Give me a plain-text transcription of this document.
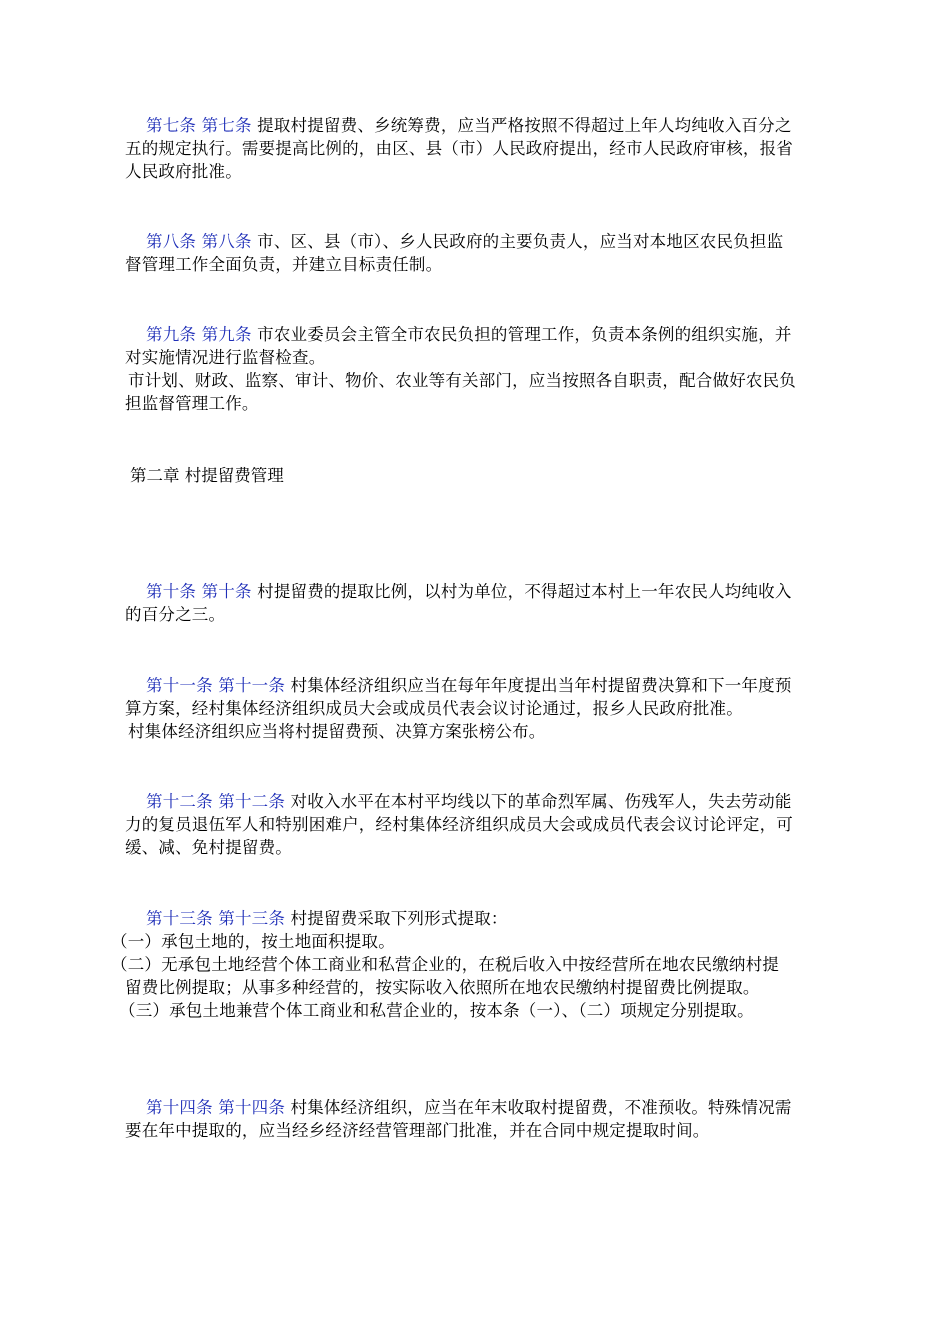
第七条 第七条 提取村提留费、乡统筹费，应当严格按照不得超过上年人均纯收入百分之
五的规定执行。需要提高比例的，由区、县（市）人民政府提出，经市人民政府审核，报省
人民政府批准。
第八条 第八条 市、区、县（市）、乡人民政府的主要负责人，应当对本地区农民负担监
督管理工作全面负责，并建立目标责任制。
第九条 第九条 市农业委员会主管全市农民负担的管理工作，负责本条例的组织实施，并
对实施情况进行监督检查。
市计划、财政、监察、审计、物价、农业等有关部门，应当按照各自职责，配合做好农民负
担监督管理工作。
第二章 村提留费管理
第十条 第十条 村提留费的提取比例，以村为单位，不得超过本村上一年农民人均纯收入
的百分之三。
第十一条 第十一条 村集体经济组织应当在每年年度提出当年村提留费决算和下一年度预
算方案，经村集体经济组织成员大会或成员代表会议讨论通过，报乡人民政府批准。
村集体经济组织应当将村提留费预、决算方案张榜公布。
第十二条 第十二条 对收入水平在本村平均线以下的革命烈军属、伤残军人，失去劳动能
力的复员退伍军人和特别困难户，经村集体经济组织成员大会或成员代表会议讨论评定，可
缓、减、免村提留费。
第十三条 第十三条 村提留费采取下列形式提取：
（一）承包土地的，按土地面积提取。
（二）无承包土地经营个体工商业和私营企业的，在税后收入中按经营所在地农民缴纳村提
留费比例提取；从事多种经营的，按实际收入依照所在地农民缴纳村提留费比例提取。
（三）承包土地兼营个体工商业和私营企业的，按本条（一）、（二）项规定分别提取。
第十四条 第十四条 村集体经济组织，应当在年末收取村提留费，不准预收。特殊情况需
要在年中提取的，应当经乡经济经营管理部门批准，并在合同中规定提取时间。
